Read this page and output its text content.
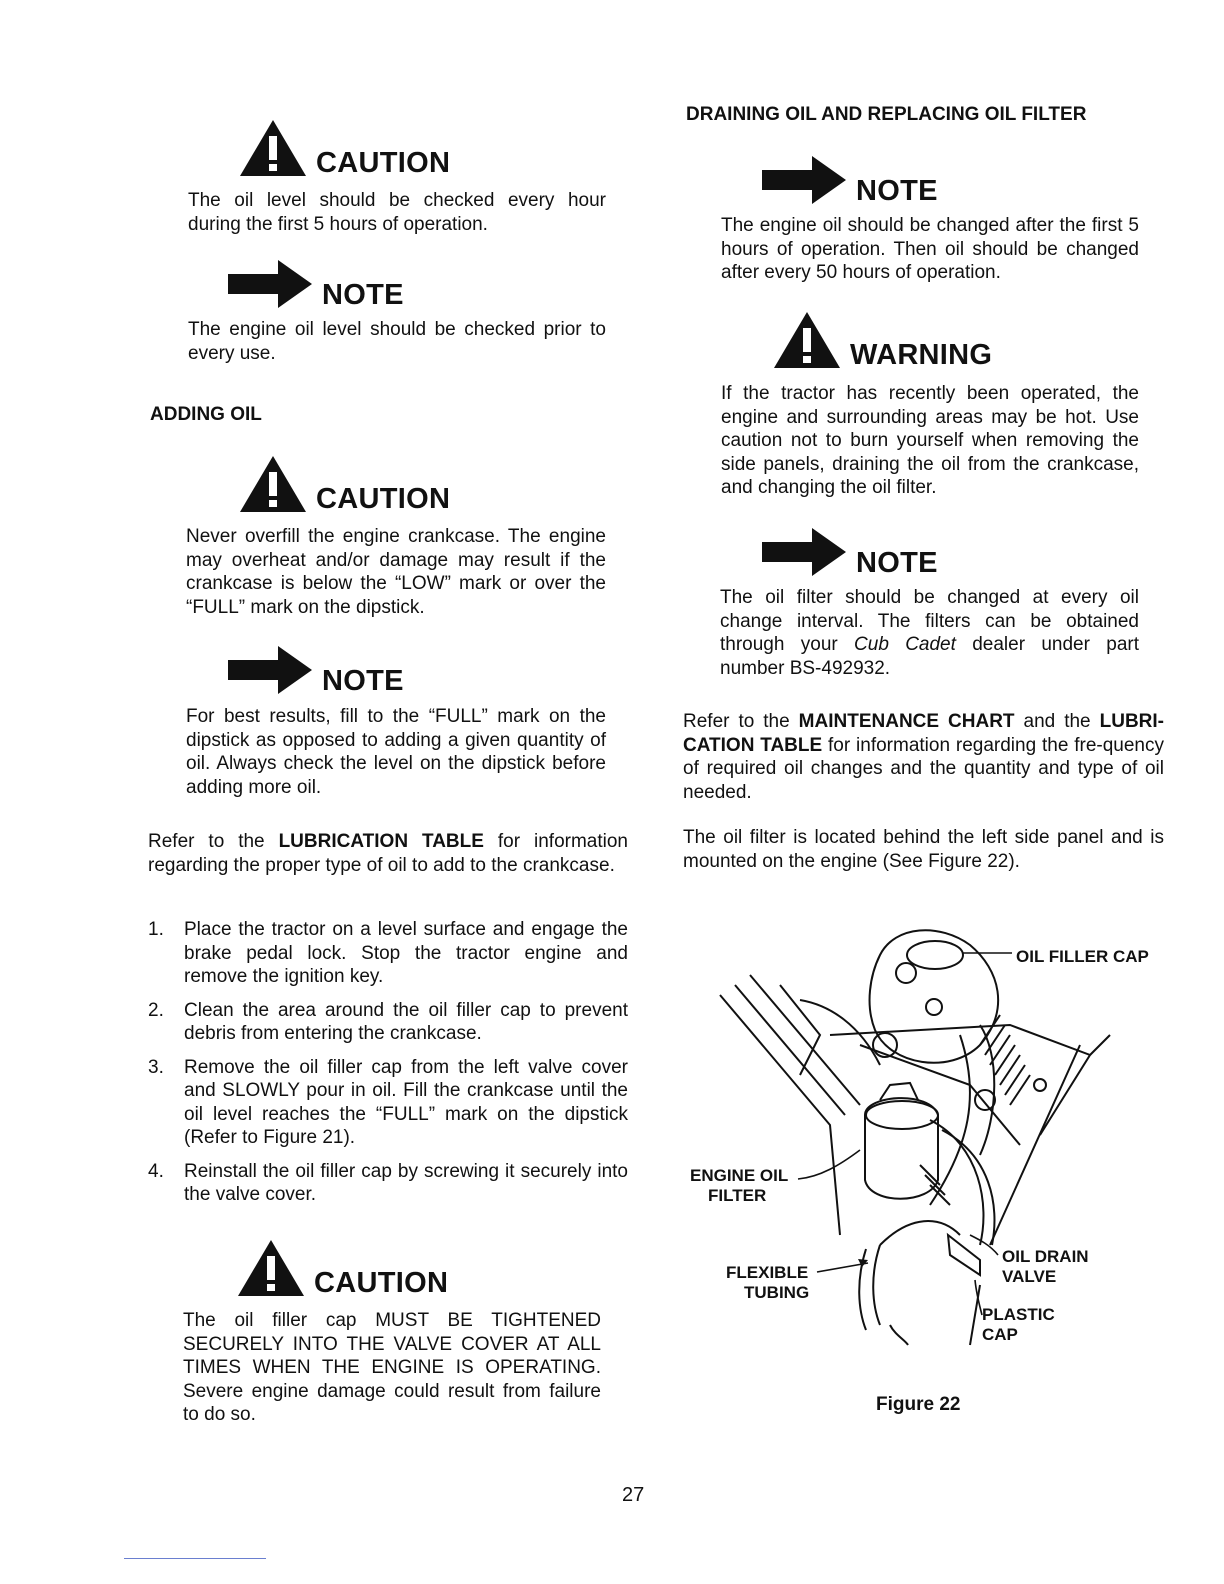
CAUTION

The oil level should be checked every hour during the first 5 hours of operation.

NOTE

The engine oil level should be checked prior to every use.

ADDING OIL
CAUTION

Never overfill the engine crankcase. The engine may overheat and/or damage may result if the crankcase is below the “LOW” mark or over the “FULL” mark on the dipstick.

NOTE

For best results, fill to the “FULL” mark on the dipstick as opposed to adding a given quantity of oil. Always check the level on the dipstick before adding more oil.

Refer to the LUBRICATION TABLE for information regarding the proper type of oil to add to the crankcase.

1. Place the tractor on a level surface and engage the brake pedal lock. Stop the tractor engine and remove the ignition key.
2. Clean the area around the oil filler cap to prevent debris from entering the crankcase.
3. Remove the oil filler cap from the left valve cover and SLOWLY pour in oil. Fill the crankcase until the oil level reaches the “FULL” mark on the dipstick (Refer to Figure 21).
4. Reinstall the oil filler cap by screwing it securely into the valve cover.
CAUTION

The oil filler cap MUST BE TIGHTENED SECURELY INTO THE VALVE COVER AT ALL TIMES WHEN THE ENGINE IS OPERATING. Severe engine damage could result from failure to do so.

DRAINING OIL AND REPLACING OIL FILTER
NOTE

The engine oil should be changed after the first 5 hours of operation. Then oil should be changed after every 50 hours of operation.

WARNING

If the tractor has recently been operated, the engine and surrounding areas may be hot. Use caution not to burn yourself when removing the side panels, draining the oil from the crankcase, and changing the oil filter.

NOTE

The oil filter should be changed at every oil change interval. The filters can be obtained through your Cub Cadet dealer under part number BS-492932.

Refer to the MAINTENANCE CHART and the LUBRI-CATION TABLE for information regarding the fre-quency of required oil changes and the quantity and type of oil needed.

The oil filter is located behind the left side panel and is mounted on the engine (See Figure 22).

OIL FILLER CAP
ENGINE OIL
FILTER
FLEXIBLE
TUBING
OIL DRAIN
VALVE
PLASTIC
CAP
Figure 22
27
